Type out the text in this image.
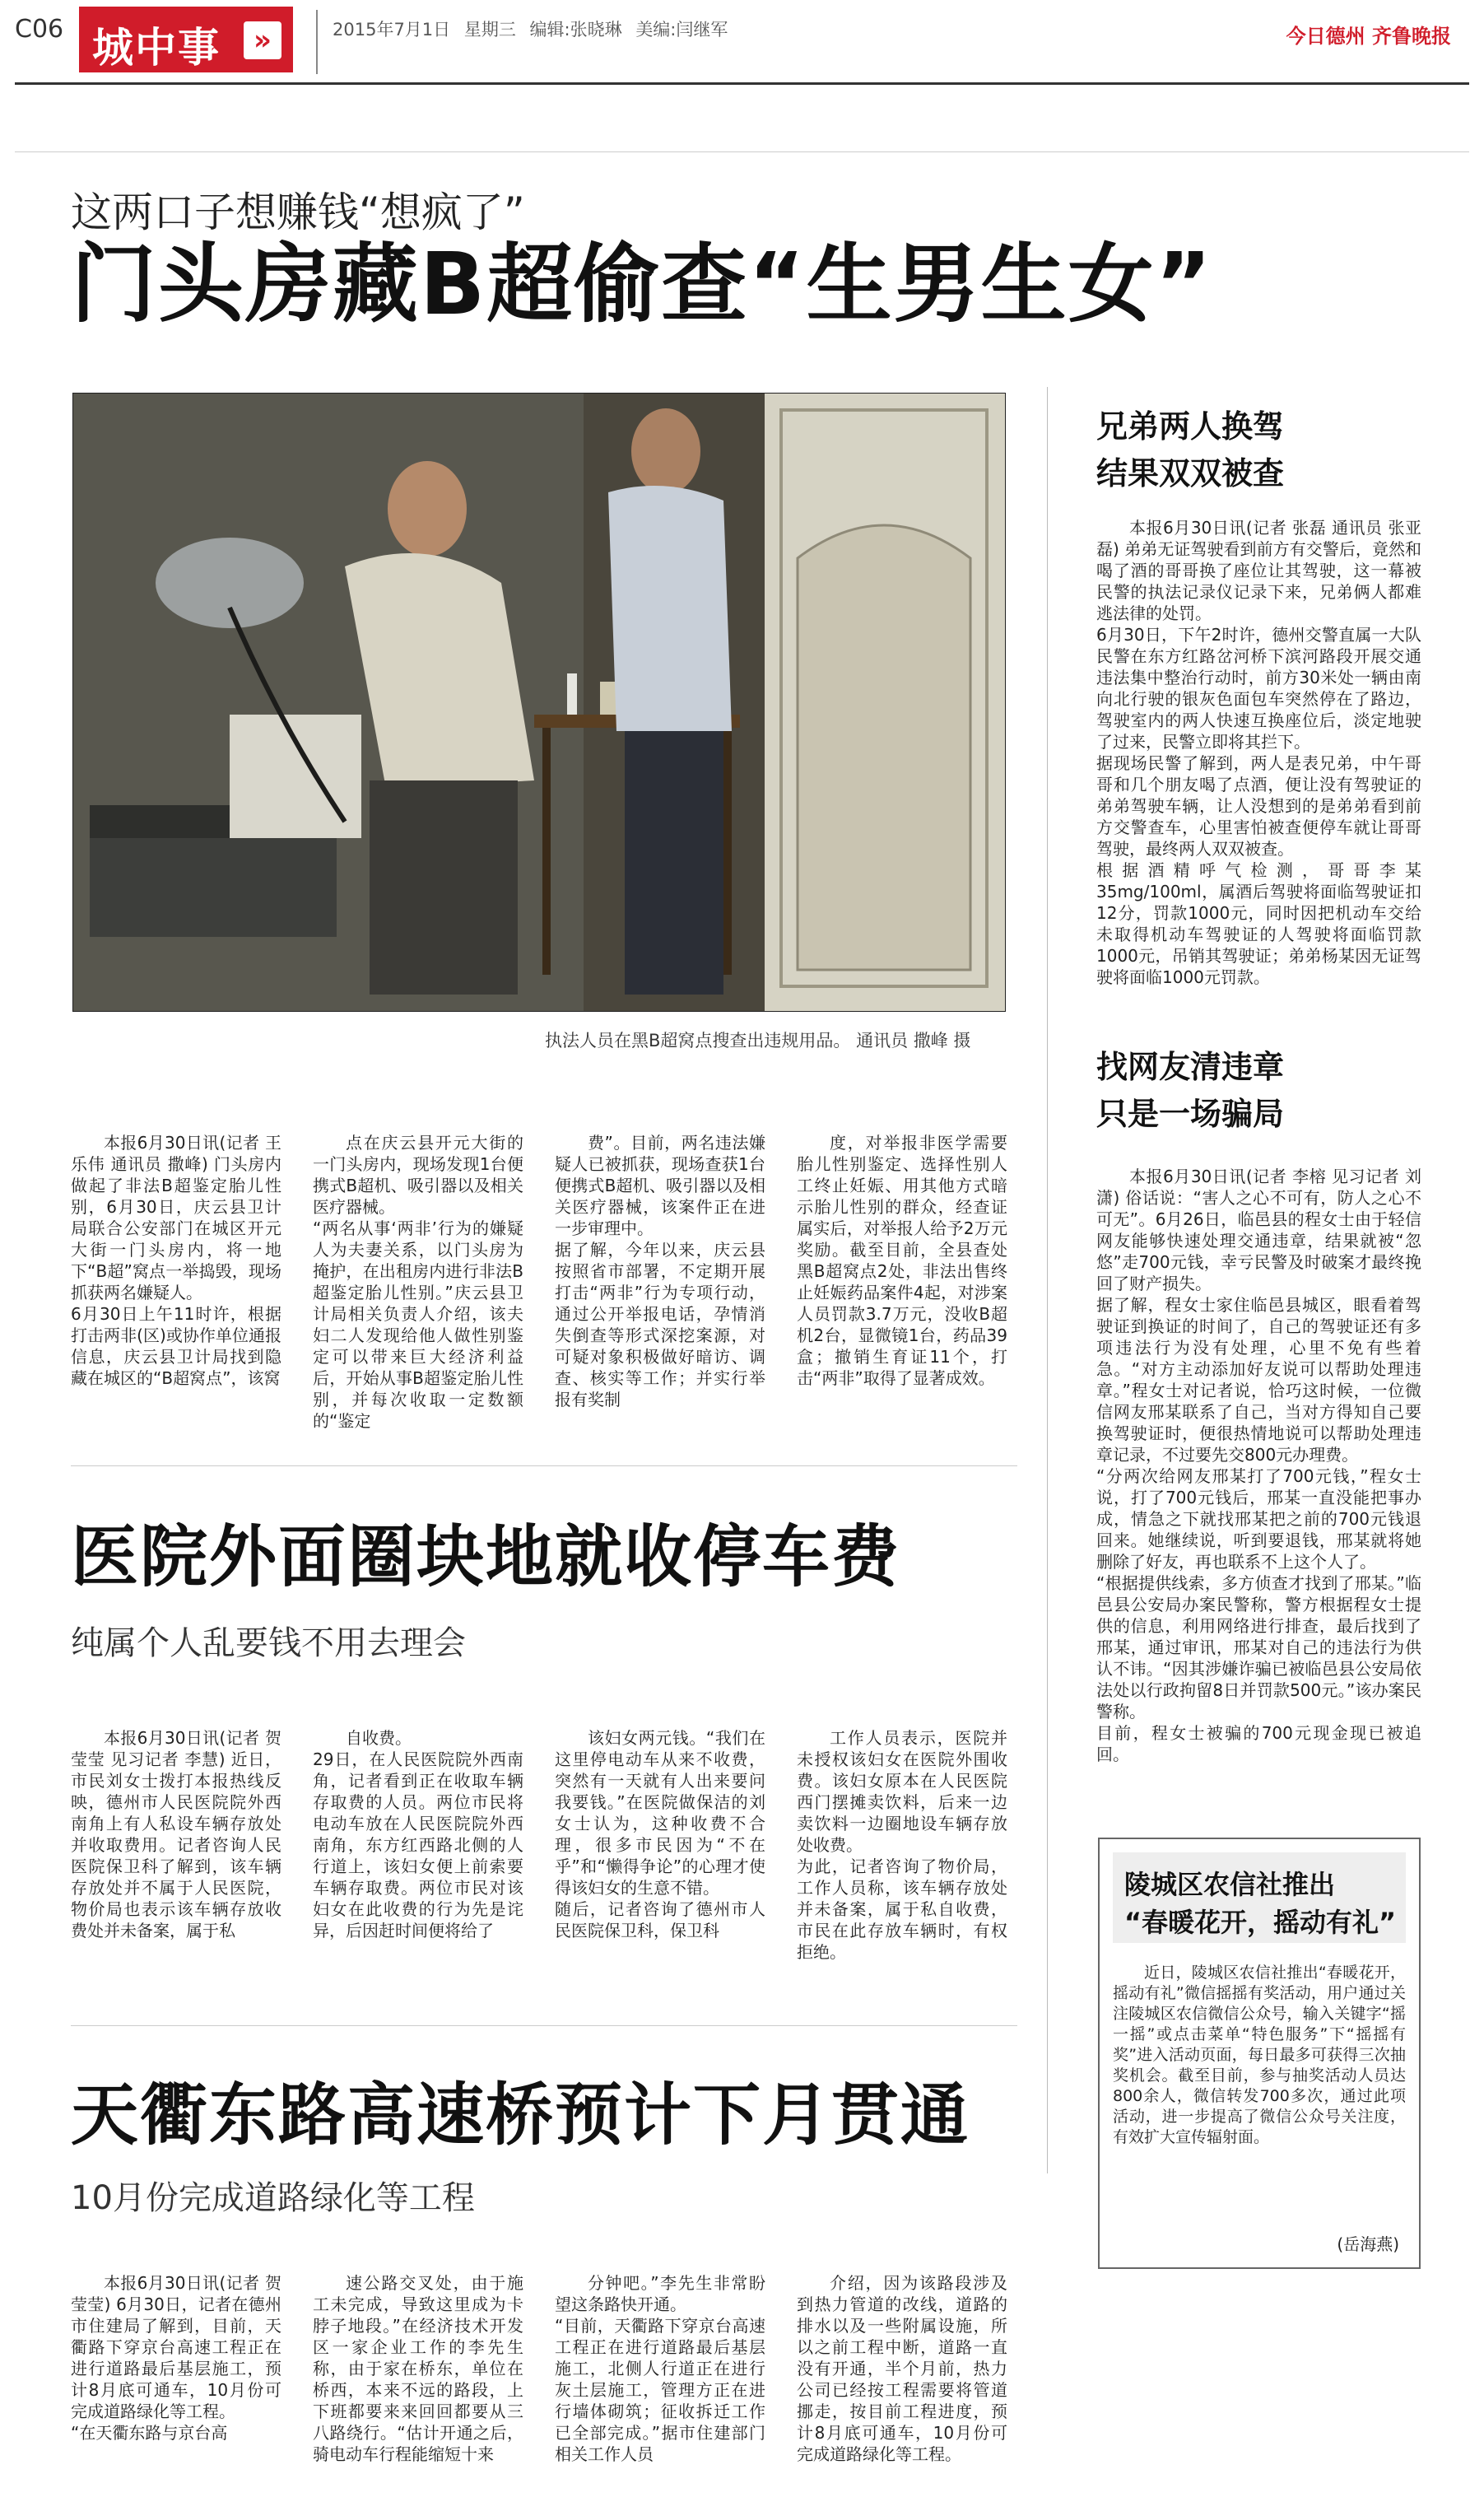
C06 城中事	»	2015年7月1日 星期三 编辑:张晓琳 美编:闫继军	今日德州 齐鲁晚报
这两口子想赚钱“想疯了”
门头房藏B超偷查“生男生女”
执法人员在黑B超窝点搜查出违规用品。 通讯员 撒峰 摄

本报6月30日讯(记者 王乐伟 通讯员 撒峰) 门头房内做起了非法B超鉴定胎儿性别，6月30日，庆云县卫计局联合公安部门在城区开元大街一门头房内，将一地下“B超”窝点一举捣毁，现场抓获两名嫌疑人。
6月30日上午11时许，根据打击两非(区)或协作单位通报信息，庆云县卫计局找到隐藏在城区的“B超窝点”，该窝

点在庆云县开元大街的一门头房内，现场发现1台便携式B超机、吸引器以及相关医疗器械。
“两名从事‘两非’行为的嫌疑人为夫妻关系，以门头房为掩护，在出租房内进行非法B超鉴定胎儿性别。”庆云县卫计局相关负责人介绍，该夫妇二人发现给他人做性别鉴定可以带来巨大经济利益后，开始从事B超鉴定胎儿性别，并每次收取一定数额的“鉴定

费”。目前，两名违法嫌疑人已被抓获，现场查获1台便携式B超机、吸引器以及相关医疗器械，该案件正在进一步审理中。
据了解，今年以来，庆云县按照省市部署，不定期开展打击“两非”行为专项行动，通过公开举报电话，孕情消失倒查等形式深挖案源，对可疑对象积极做好暗访、调查、核实等工作；并实行举报有奖制

度，对举报非医学需要胎儿性别鉴定、选择性别人工终止妊娠、用其他方式暗示胎儿性别的群众，经查证属实后，对举报人给予2万元奖励。截至目前，全县查处黑B超窝点2处，非法出售终止妊娠药品案件4起，对涉案人员罚款3.7万元，没收B超机2台，显微镜1台，药品39盒；撤销生育证11个，打击“两非”取得了显著成效。

兄弟两人换驾
结果双双被查

本报6月30日讯(记者 张磊 通讯员 张亚磊) 弟弟无证驾驶看到前方有交警后，竟然和喝了酒的哥哥换了座位让其驾驶，这一幕被民警的执法记录仪记录下来，兄弟俩人都难逃法律的处罚。
6月30日，下午2时许，德州交警直属一大队民警在东方红路岔河桥下滨河路段开展交通违法集中整治行动时，前方30米处一辆由南向北行驶的银灰色面包车突然停在了路边，驾驶室内的两人快速互换座位后，淡定地驶了过来，民警立即将其拦下。
据现场民警了解到，两人是表兄弟，中午哥哥和几个朋友喝了点酒，便让没有驾驶证的弟弟驾驶车辆，让人没想到的是弟弟看到前方交警查车，心里害怕被查便停车就让哥哥驾驶，最终两人双双被查。
根据酒精呼气检测，哥哥李某35mg/100ml，属酒后驾驶将面临驾驶证扣12分，罚款1000元，同时因把机动车交给未取得机动车驾驶证的人驾驶将面临罚款1000元，吊销其驾驶证；弟弟杨某因无证驾驶将面临1000元罚款。

找网友清违章
只是一场骗局

本报6月30日讯(记者 李榕 见习记者 刘潇) 俗话说：“害人之心不可有，防人之心不可无”。6月26日，临邑县的程女士由于轻信网友能够快速处理交通违章，结果就被“忽悠”走700元钱，幸亏民警及时破案才最终挽回了财产损失。
据了解，程女士家住临邑县城区，眼看着驾驶证到换证的时间了，自己的驾驶证还有多项违法行为没有处理，心里不免有些着急。“对方主动添加好友说可以帮助处理违章。”程女士对记者说，恰巧这时候，一位微信网友邢某联系了自己，当对方得知自己要换驾驶证时，便很热情地说可以帮助处理违章记录，不过要先交800元办理费。
“分两次给网友邢某打了700元钱，”程女士说，打了700元钱后，邢某一直没能把事办成，情急之下就找邢某把之前的700元钱退回来。她继续说，听到要退钱，邢某就将她删除了好友，再也联系不上这个人了。
“根据提供线索，多方侦查才找到了邢某。”临邑县公安局办案民警称，警方根据程女士提供的信息，利用网络进行排查，最后找到了邢某，通过审讯，邢某对自己的违法行为供认不讳。“因其涉嫌诈骗已被临邑县公安局依法处以行政拘留8日并罚款500元。”该办案民警称。
目前，程女士被骗的700元现金现已被追回。

医院外面圈块地就收停车费
纯属个人乱要钱不用去理会

本报6月30日讯(记者 贺莹莹 见习记者 李慧) 近日，市民刘女士拨打本报热线反映，德州市人民医院院外西南角上有人私设车辆存放处并收取费用。记者咨询人民医院保卫科了解到，该车辆存放处并不属于人民医院，物价局也表示该车辆存放收费处并未备案，属于私

自收费。
29日，在人民医院院外西南角，记者看到正在收取车辆存取费的人员。两位市民将电动车放在人民医院院外西南角，东方红西路北侧的人行道上，该妇女便上前索要车辆存取费。两位市民对该妇女在此收费的行为先是诧异，后因赶时间便将给了

该妇女两元钱。“我们在这里停电动车从来不收费，突然有一天就有人出来要问我要钱。”在医院做保洁的刘女士认为，这种收费不合理，很多市民因为“不在乎”和“懒得争论”的心理才使得该妇女的生意不错。
随后，记者咨询了德州市人民医院保卫科，保卫科

工作人员表示，医院并未授权该妇女在医院外围收费。该妇女原本在人民医院西门摆摊卖饮料，后来一边卖饮料一边圈地设车辆存放处收费。
为此，记者咨询了物价局，工作人员称，该车辆存放处并未备案，属于私自收费，市民在此存放车辆时，有权拒绝。

陵城区农信社推出
“春暖花开，摇动有礼”

近日，陵城区农信社推出“春暖花开，摇动有礼”微信摇摇有奖活动，用户通过关注陵城区农信微信公众号，输入关键字“摇一摇”或点击菜单“特色服务”下“摇摇有奖”进入活动页面，每日最多可获得三次抽奖机会。截至目前，参与抽奖活动人员达800余人，微信转发700多次，通过此项活动，进一步提高了微信公众号关注度，有效扩大宣传辐射面。

(岳海燕)
天衢东路高速桥预计下月贯通
10月份完成道路绿化等工程

本报6月30日讯(记者 贺莹莹) 6月30日，记者在德州市住建局了解到，目前，天衢路下穿京台高速工程正在进行道路最后基层施工，预计8月底可通车，10月份可完成道路绿化等工程。
“在天衢东路与京台高

速公路交叉处，由于施工未完成，导致这里成为卡脖子地段。”在经济技术开发区一家企业工作的李先生称，由于家在桥东，单位在桥西，本来不远的路段，上下班都要来来回回都要从三八路绕行。“估计开通之后，骑电动车行程能缩短十来

分钟吧。”李先生非常盼望这条路快开通。
“目前，天衢路下穿京台高速工程正在进行道路最后基层施工，北侧人行道正在进行灰土层施工，管理方正在进行墙体砌筑；征收拆迁工作已全部完成。”据市住建部门相关工作人员

介绍，因为该路段涉及到热力管道的改线，道路的排水以及一些附属设施，所以之前工程中断，道路一直没有开通，半个月前，热力公司已经按工程需要将管道挪走，按目前工程进度，预计8月底可通车，10月份可完成道路绿化等工程。
